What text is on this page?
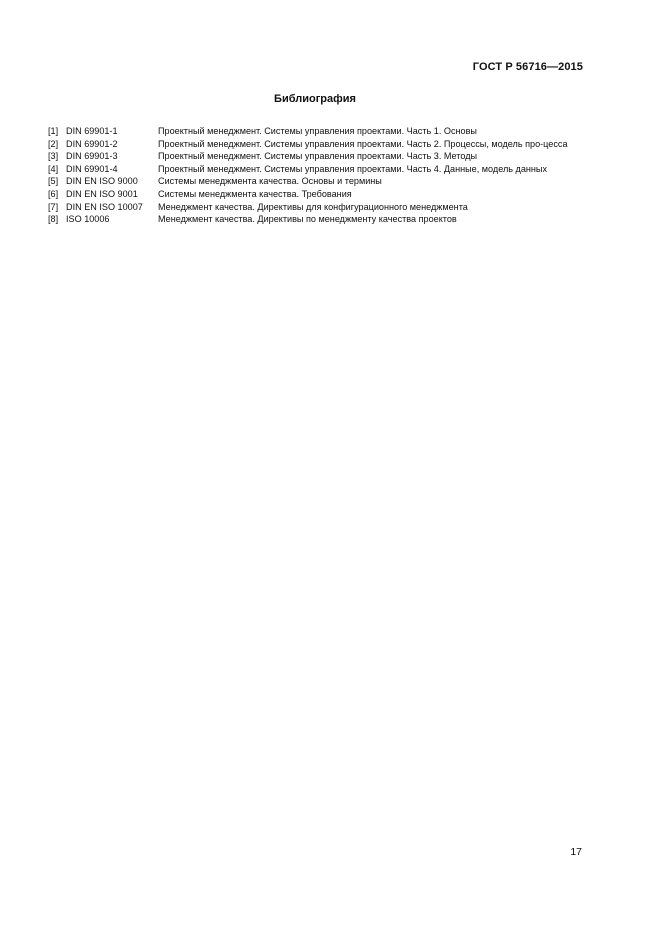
ГОСТ Р 56716—2015
Библиография
[1] DIN 69901-1	Проектный менеджмент. Системы управления проектами. Часть 1. Основы
[2] DIN 69901-2	Проектный менеджмент. Системы управления проектами. Часть 2. Процессы, модель про-цесса
[3] DIN 69901-3	Проектный менеджмент. Системы управления проектами. Часть 3. Методы
[4] DIN 69901-4	Проектный менеджмент. Системы управления проектами. Часть 4. Данные, модель данных
[5] DIN EN ISO 9000	Системы менеджмента качества. Основы и термины
[6] DIN EN ISO 9001	Системы менеджмента качества. Требования
[7] DIN EN ISO 10007	Менеджмент качества. Директивы для конфигурационного менеджмента
[8] ISO 10006	Менеджмент качества. Директивы по менеджменту качества проектов
17
